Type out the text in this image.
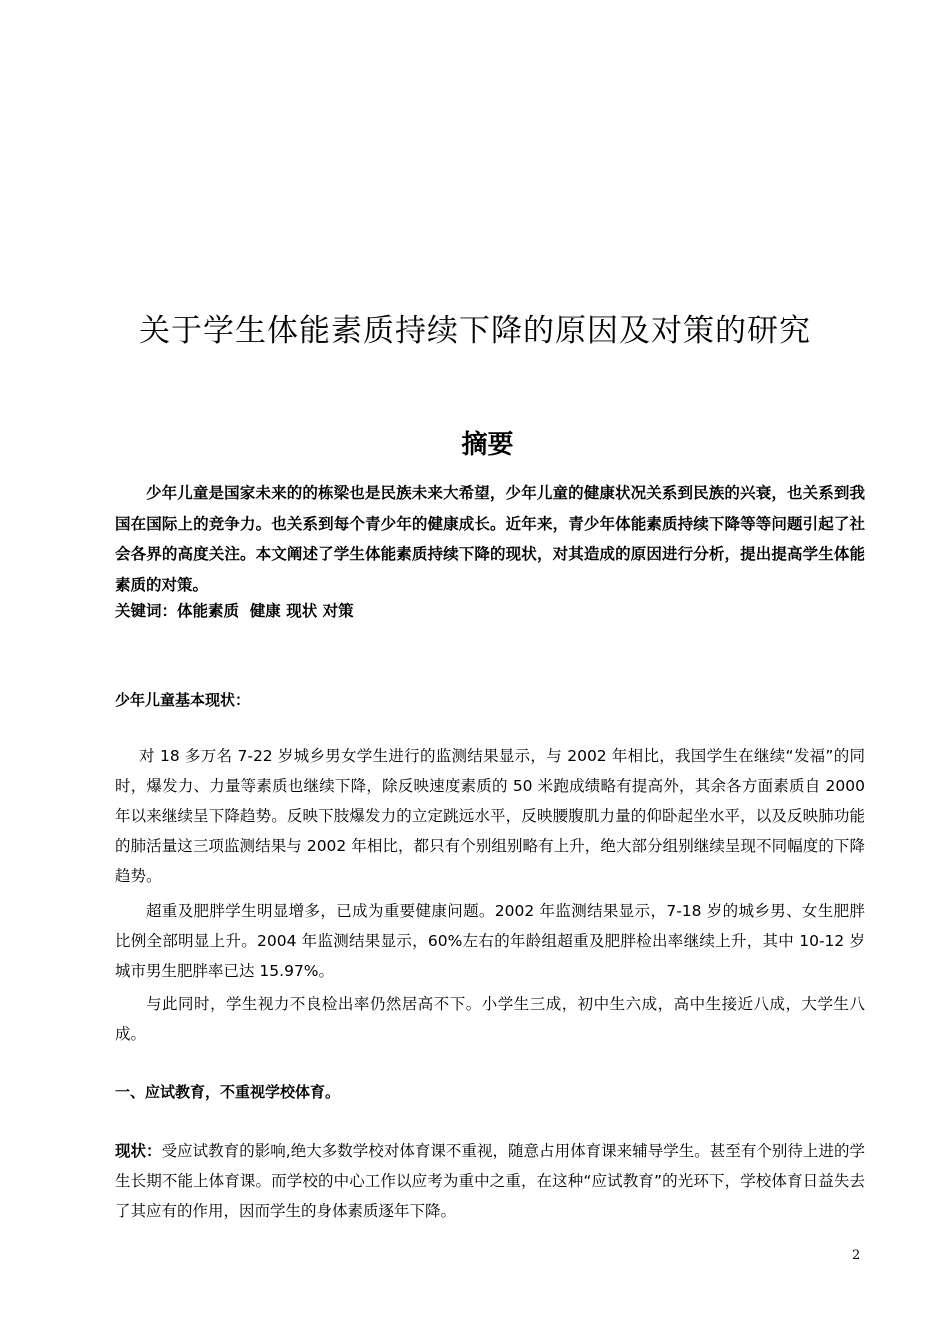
关于学生体能素质持续下降的原因及对策的研究
摘要

少年儿童是国家未来的的栋梁也是民族未来大希望，少年儿童的健康状况关系到民族的兴衰，也关系到我国在国际上的竞争力。也关系到每个青少年的健康成长。近年来，青少年体能素质持续下降等等问题引起了社会各界的高度关注。本文阐述了学生体能素质持续下降的现状，对其造成的原因进行分析，提出提高学生体能素质的对策。

关键词：体能素质  健康 现状 对策

少年儿童基本现状：

对 18 多万名 7-22 岁城乡男女学生进行的监测结果显示，与 2002 年相比，我国学生在继续“发福”的同时，爆发力、力量等素质也继续下降，除反映速度素质的 50 米跑成绩略有提高外，其余各方面素质自 2000 年以来继续呈下降趋势。反映下肢爆发力的立定跳远水平，反映腰腹肌力量的仰卧起坐水平，以及反映肺功能的肺活量这三项监测结果与 2002 年相比，都只有个别组别略有上升，绝大部分组别继续呈现不同幅度的下降趋势。

超重及肥胖学生明显增多，已成为重要健康问题。2002 年监测结果显示，7-18 岁的城乡男、女生肥胖比例全部明显上升。2004 年监测结果显示，60%左右的年龄组超重及肥胖检出率继续上升，其中 10-12 岁城市男生肥胖率已达 15.97%。

与此同时，学生视力不良检出率仍然居高不下。小学生三成，初中生六成，高中生接近八成，大学生八成。

一、应试教育，不重视学校体育。

现状：受应试教育的影响,绝大多数学校对体育课不重视，随意占用体育课来辅导学生。甚至有个别待上进的学生长期不能上体育课。而学校的中心工作以应考为重中之重，在这种“应试教育”的光环下，学校体育日益失去了其应有的作用，因而学生的身体素质逐年下降。

2
